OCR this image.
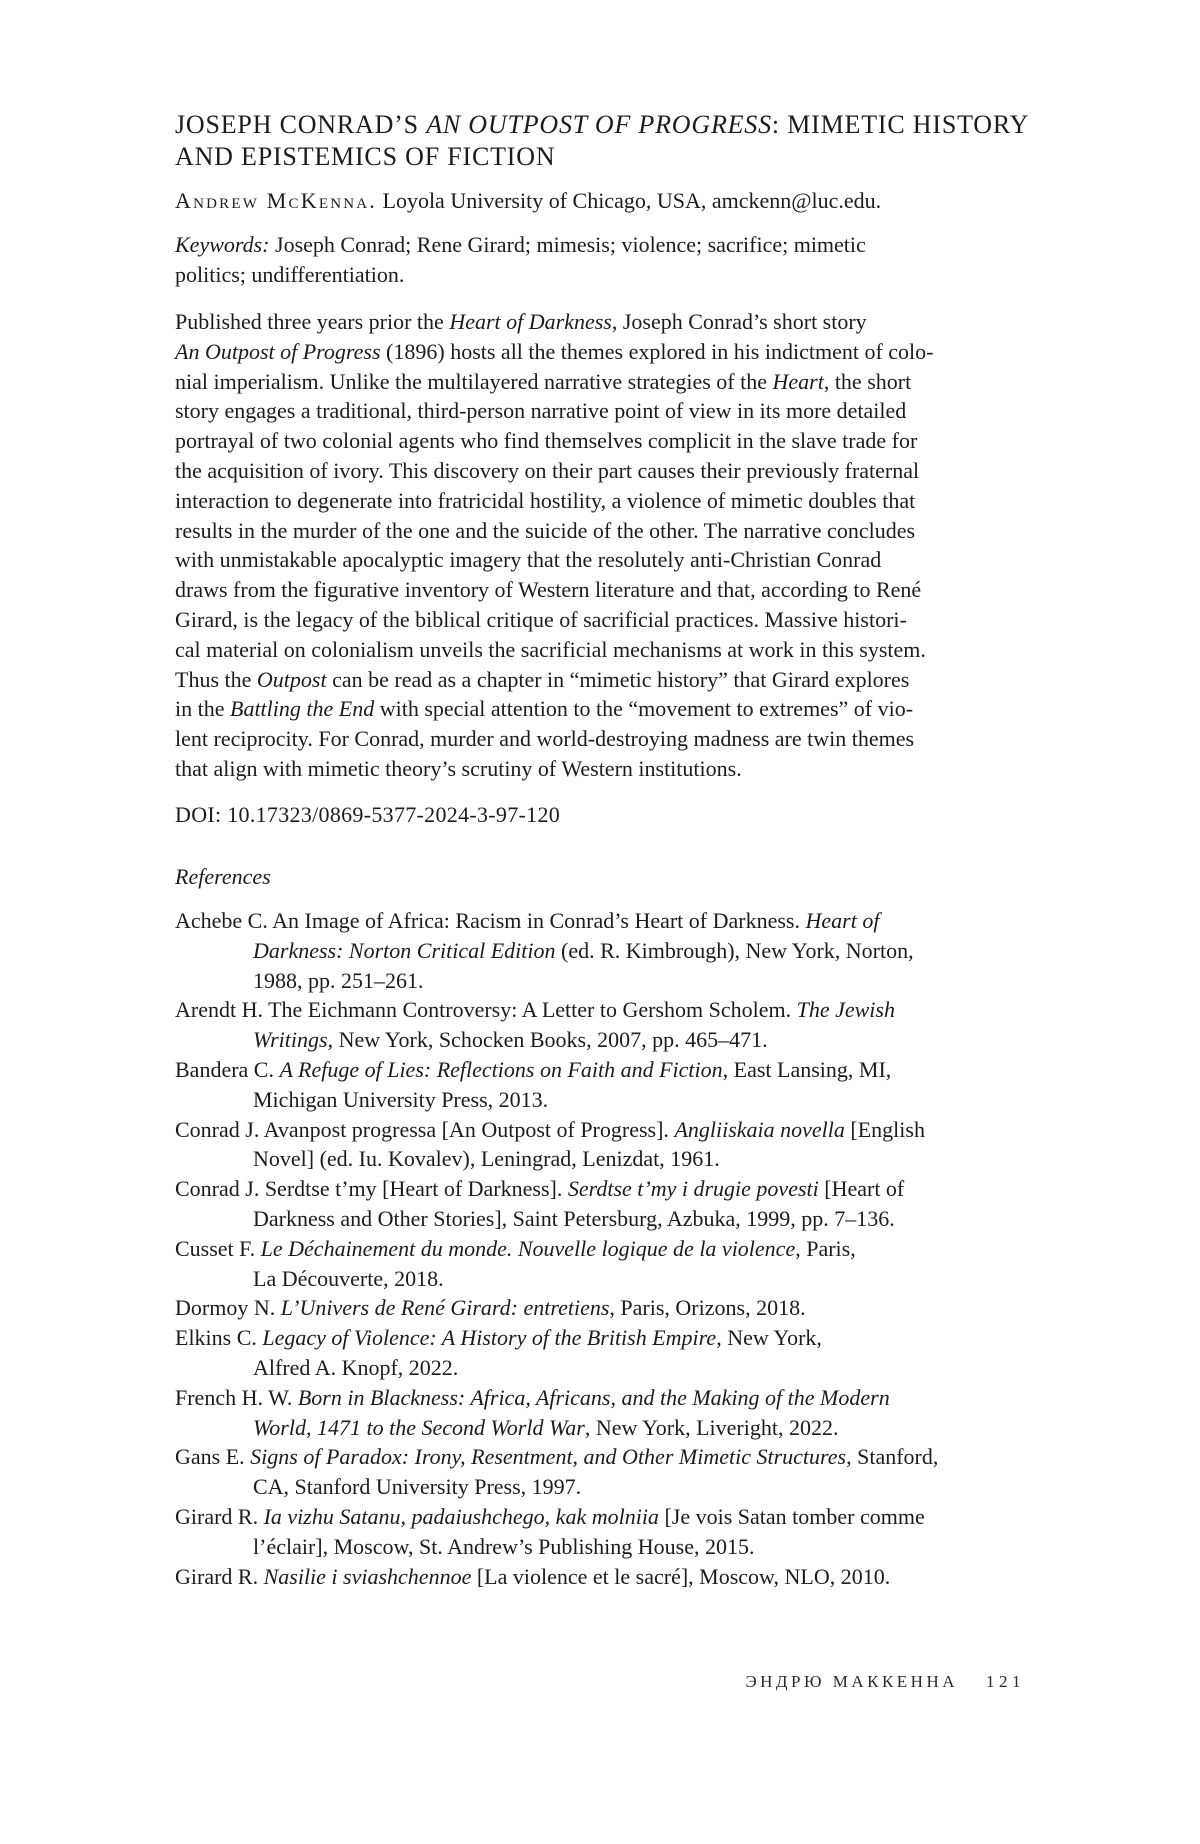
JOSEPH CONRAD’S AN OUTPOST OF PROGRESS: MIMETIC HISTORY
AND EPISTEMICS OF FICTION
Andrew McKenna. Loyola University of Chicago, USA, amckenn@luc.edu.
Keywords: Joseph Conrad; Rene Girard; mimesis; violence; sacrifice; mimetic
politics; undifferentiation.
Published three years prior the Heart of Darkness, Joseph Conrad’s short story
An Outpost of Progress (1896) hosts all the themes explored in his indictment of colo-
nial imperialism. Unlike the multilayered narrative strategies of the Heart, the short
story engages a traditional, third-person narrative point of view in its more detailed
portrayal of two colonial agents who find themselves complicit in the slave trade for
the acquisition of ivory. This discovery on their part causes their previously fraternal
interaction to degenerate into fratricidal hostility, a violence of mimetic doubles that
results in the murder of the one and the suicide of the other. The narrative concludes
with unmistakable apocalyptic imagery that the resolutely anti-Christian Conrad
draws from the figurative inventory of Western literature and that, according to René
Girard, is the legacy of the biblical critique of sacrificial practices. Massive histori-
cal material on colonialism unveils the sacrificial mechanisms at work in this system.
Thus the Outpost can be read as a chapter in “mimetic history” that Girard explores
in the Battling the End with special attention to the “movement to extremes” of vio-
lent reciprocity. For Conrad, murder and world-destroying madness are twin themes
that align with mimetic theory’s scrutiny of Western institutions.
DOI: 10.17323/0869-5377-2024-3-97-120
References
Achebe C. An Image of Africa: Racism in Conrad’s Heart of Darkness. Heart of
Darkness: Norton Critical Edition (ed. R. Kimbrough), New York, Norton,
1988, pp. 251–261.
Arendt H. The Eichmann Controversy: A Letter to Gershom Scholem. The Jewish
Writings, New York, Schocken Books, 2007, pp. 465–471.
Bandera C. A Refuge of Lies: Reflections on Faith and Fiction, East Lansing, MI,
Michigan University Press, 2013.
Conrad J. Avanpost progressa [An Outpost of Progress]. Angliiskaia novella [English
Novel] (ed. Iu. Kovalev), Leningrad, Lenizdat, 1961.
Conrad J. Serdtse t’my [Heart of Darkness]. Serdtse t’my i drugie povesti [Heart of
Darkness and Other Stories], Saint Petersburg, Azbuka, 1999, pp. 7–136.
Cusset F. Le Déchainement du monde. Nouvelle logique de la violence, Paris,
La Découverte, 2018.
Dormoy N. L’Univers de René Girard: entretiens, Paris, Orizons, 2018.
Elkins C. Legacy of Violence: A History of the British Empire, New York,
Alfred A. Knopf, 2022.
French H. W. Born in Blackness: Africa, Africans, and the Making of the Modern
World, 1471 to the Second World War, New York, Liveright, 2022.
Gans E. Signs of Paradox: Irony, Resentment, and Other Mimetic Structures, Stanford,
CA, Stanford University Press, 1997.
Girard R. Ia vizhu Satanu, padaiushchego, kak molniia [Je vois Satan tomber comme
l’éclair], Moscow, St. Andrew’s Publishing House, 2015.
Girard R. Nasilie i sviashchennoe [La violence et le sacré], Moscow, NLO, 2010.
ЭНДРЮ МАККЕННА 121
